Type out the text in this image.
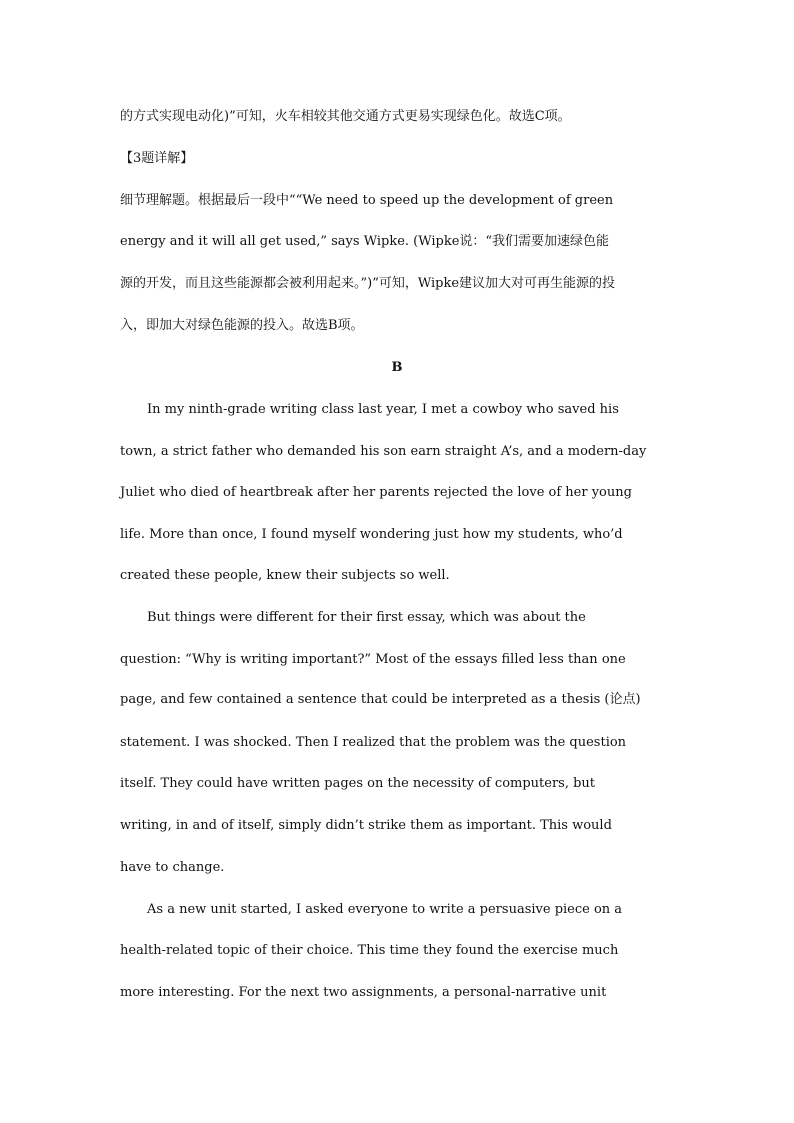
的方式实现电动化)”可知，火车相较其他交通方式更易实现绿色化。故选C项。
【3题详解】
细节理解题。根据最后一段中““We need to speed up the development of green
energy and it will all get used,” says Wipke. (Wipke说：“我们需要加速绿色能
源的开发，而且这些能源都会被利用起来。”)”可知，Wipke建议加大对可再生能源的投
入，即加大对绿色能源的投入。故选B项。
B
In my ninth-grade writing class last year, I met a cowboy who saved his
town, a strict father who demanded his son earn straight A’s, and a modern-day
Juliet who died of heartbreak after her parents rejected the love of her young
life. More than once, I found myself wondering just how my students, who’d
created these people, knew their subjects so well.
But things were different for their first essay, which was about the
question: “Why is writing important?” Most of the essays filled less than one
page, and few contained a sentence that could be interpreted as a thesis (论点)
statement. I was shocked. Then I realized that the problem was the question
itself. They could have written pages on the necessity of computers, but
writing, in and of itself, simply didn’t strike them as important. This would
have to change.
As a new unit started, I asked everyone to write a persuasive piece on a
health-related topic of their choice. This time they found the exercise much
more interesting. For the next two assignments, a personal-narrative unit
